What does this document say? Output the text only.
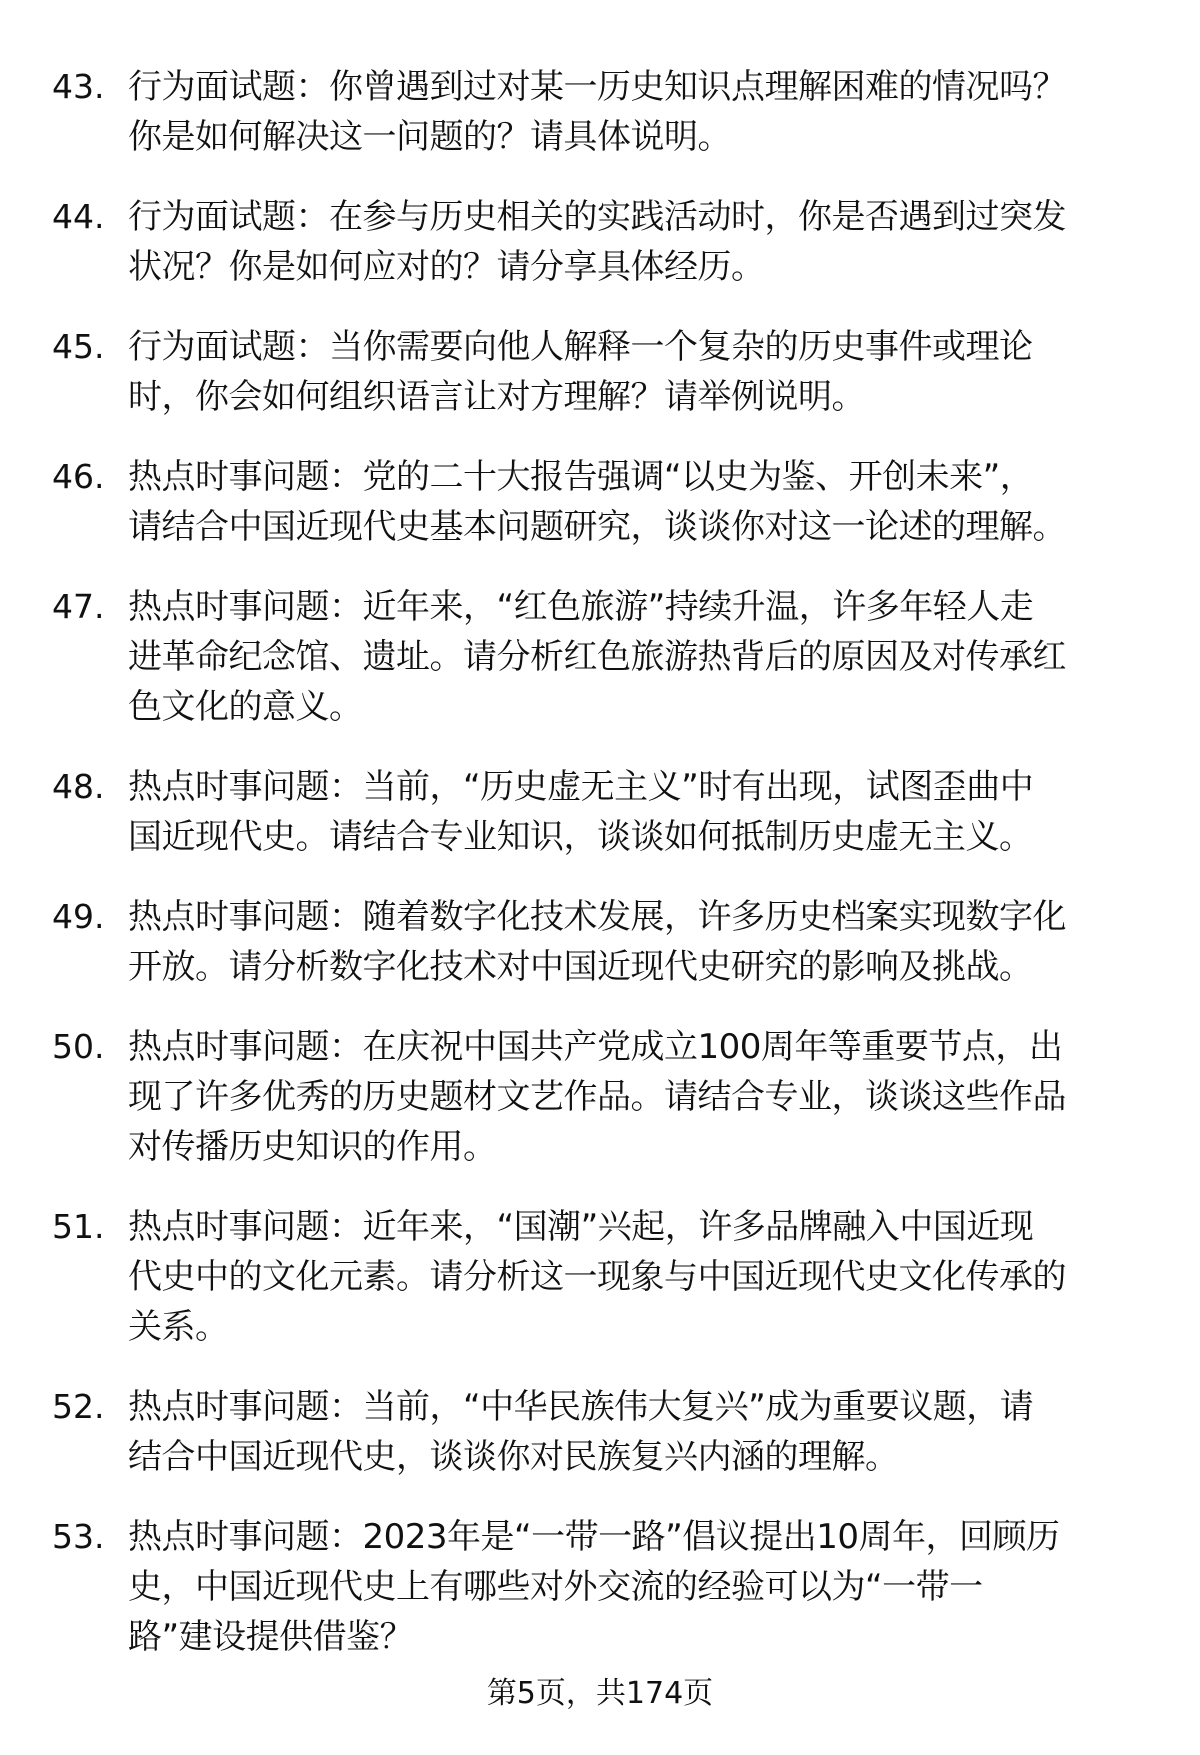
43. 行为面试题：你曾遇到过对某一历史知识点理解困难的情况吗？
你是如何解决这一问题的？请具体说明。
44. 行为面试题：在参与历史相关的实践活动时，你是否遇到过突发
状况？你是如何应对的？请分享具体经历。
45. 行为面试题：当你需要向他人解释一个复杂的历史事件或理论
时，你会如何组织语言让对方理解？请举例说明。
46. 热点时事问题：党的二十大报告强调“以史为鉴、开创未来”，
请结合中国近现代史基本问题研究，谈谈你对这一论述的理解。
47. 热点时事问题：近年来，“红色旅游”持续升温，许多年轻人走
进革命纪念馆、遗址。请分析红色旅游热背后的原因及对传承红
色文化的意义。
48. 热点时事问题：当前，“历史虚无主义”时有出现，试图歪曲中
国近现代史。请结合专业知识，谈谈如何抵制历史虚无主义。
49. 热点时事问题：随着数字化技术发展，许多历史档案实现数字化
开放。请分析数字化技术对中国近现代史研究的影响及挑战。
50. 热点时事问题：在庆祝中国共产党成立100周年等重要节点，出
现了许多优秀的历史题材文艺作品。请结合专业，谈谈这些作品
对传播历史知识的作用。
51. 热点时事问题：近年来，“国潮”兴起，许多品牌融入中国近现
代史中的文化元素。请分析这一现象与中国近现代史文化传承的
关系。
52. 热点时事问题：当前，“中华民族伟大复兴”成为重要议题，请
结合中国近现代史，谈谈你对民族复兴内涵的理解。
53. 热点时事问题：2023年是“一带一路”倡议提出10周年，回顾历
史，中国近现代史上有哪些对外交流的经验可以为“一带一
路”建设提供借鉴？
第5页，共174页
